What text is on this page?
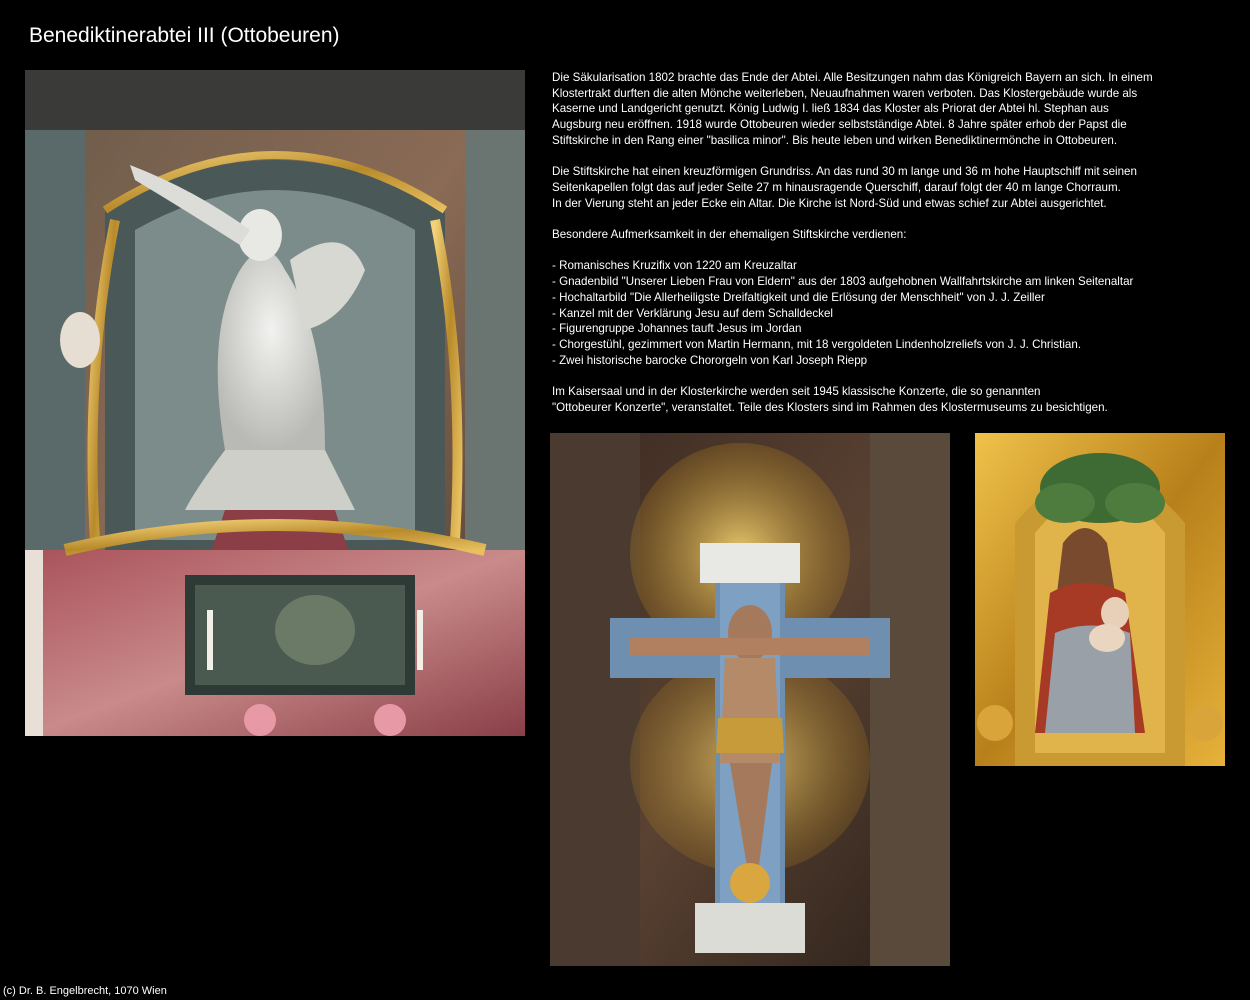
Benediktinerabtei III (Ottobeuren)

Die Säkularisation 1802 brachte das Ende der Abtei. Alle Besitzungen nahm das Königreich Bayern an sich. In einem
Klostertrakt durften die alten Mönche weiterleben, Neuaufnahmen waren verboten. Das Klostergebäude wurde als
Kaserne und Landgericht genutzt. König Ludwig I. ließ 1834 das Kloster als Priorat der Abtei hl. Stephan aus
Augsburg neu eröffnen. 1918 wurde Ottobeuren wieder selbstständige Abtei. 8 Jahre später erhob der Papst die
Stiftskirche in den Rang einer "basilica minor". Bis heute leben und wirken Benediktinermönche in Ottobeuren.

Die Stiftskirche hat einen kreuzförmigen Grundriss. An das rund 30 m lange und 36 m hohe Hauptschiff mit seinen
Seitenkapellen folgt das auf jeder Seite 27 m hinausragende Querschiff, darauf folgt der 40 m lange Chorraum.
In der Vierung steht an jeder Ecke ein Altar. Die Kirche ist Nord-Süd und etwas schief zur Abtei ausgerichtet.

Besondere Aufmerksamkeit in der ehemaligen Stiftskirche verdienen:

- Romanisches Kruzifix von 1220 am Kreuzaltar
- Gnadenbild "Unserer Lieben Frau von Eldern" aus der 1803 aufgehobnen Wallfahrtskirche am linken Seitenaltar
- Hochaltarbild "Die Allerheiligste Dreifaltigkeit und die Erlösung der Menschheit" von J. J. Zeiller
- Kanzel mit der Verklärung Jesu auf dem Schalldeckel
- Figurengruppe Johannes tauft Jesus im Jordan
- Chorgestühl, gezimmert von Martin Hermann, mit 18 vergoldeten Lindenholzreliefs von J. J. Christian.
- Zwei historische barocke Chororgeln von Karl Joseph Riepp

Im Kaisersaal und in der Klosterkirche werden seit 1945 klassische Konzerte, die so genannten
"Ottobeurer Konzerte", veranstaltet. Teile des Klosters sind im Rahmen des Klostermuseums zu besichtigen.

(c) Dr. B. Engelbrecht, 1070 Wien
